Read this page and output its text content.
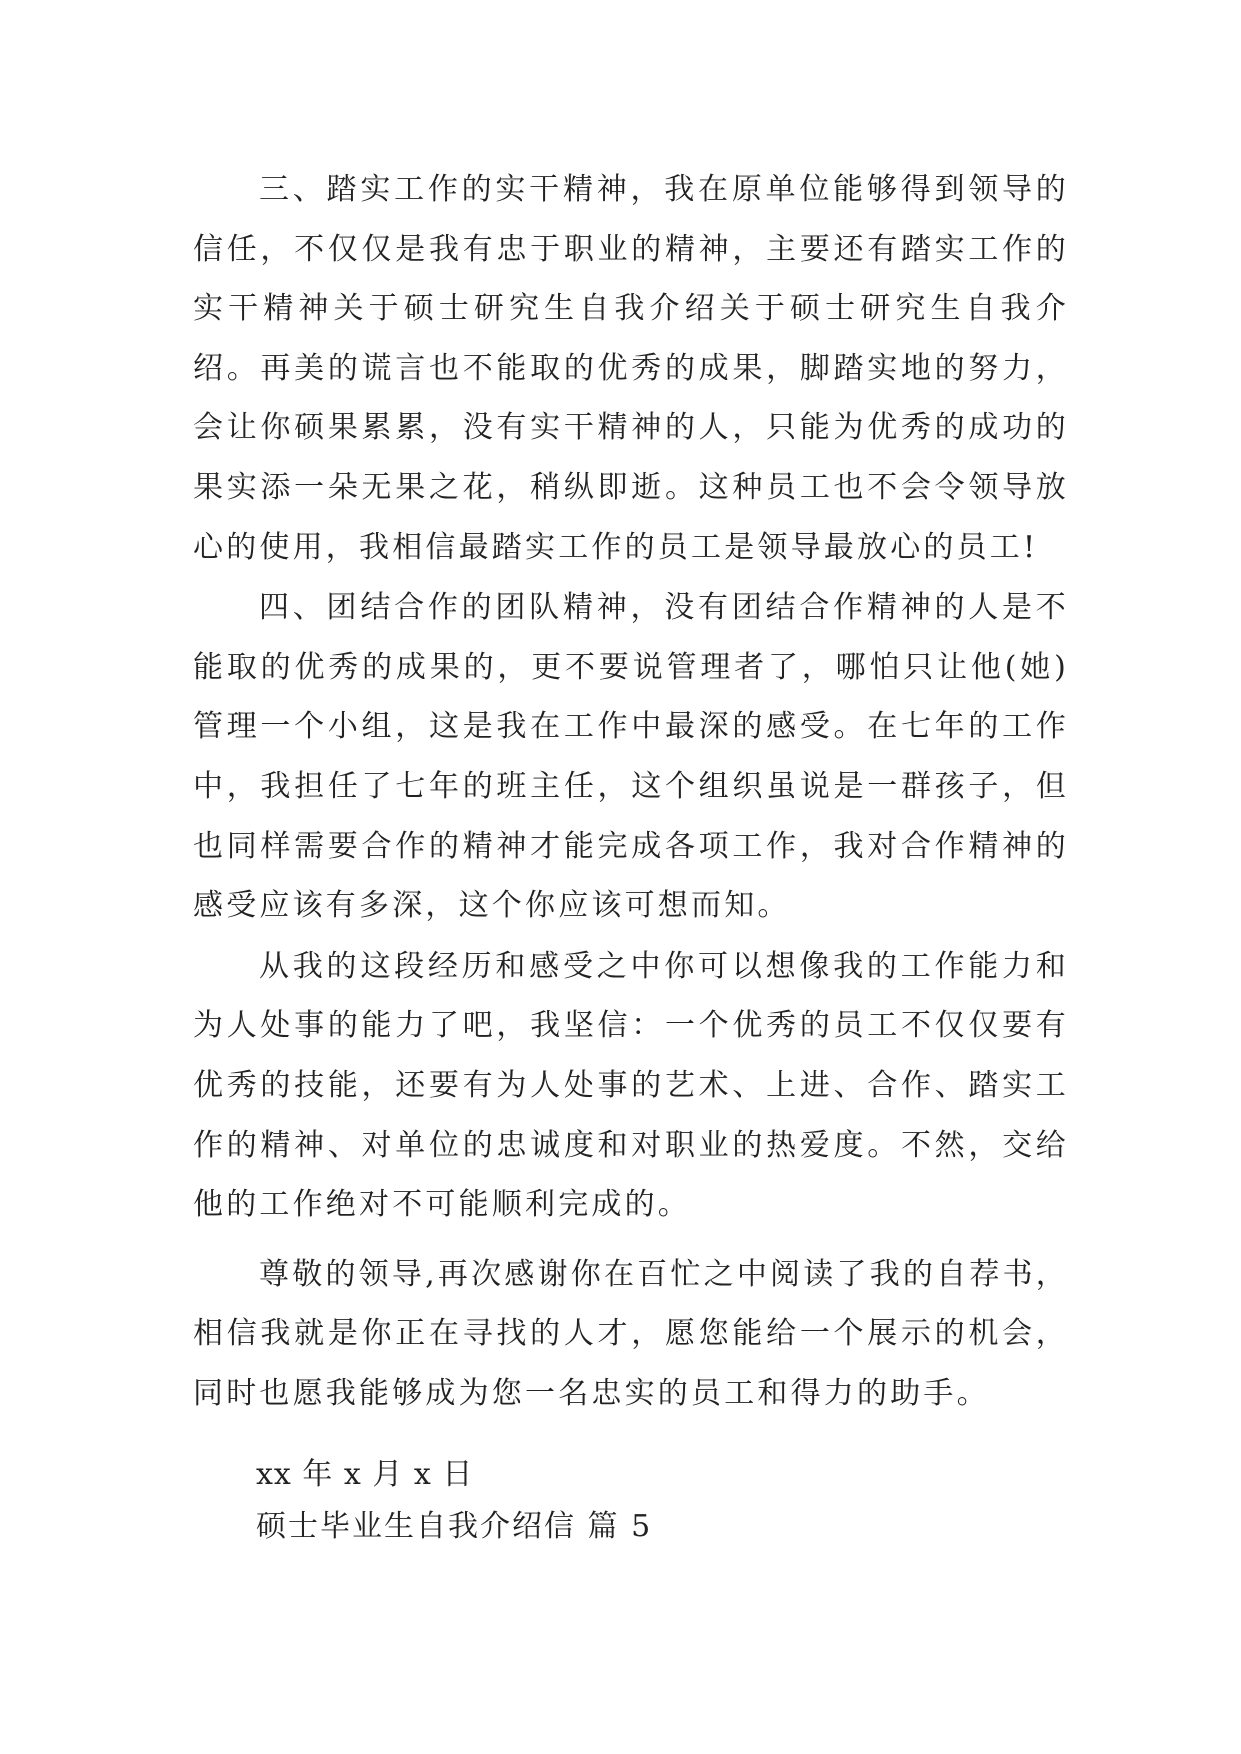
三、踏实工作的实干精神，我在原单位能够得到领导的信任，不仅仅是我有忠于职业的精神，主要还有踏实工作的实干精神关于硕士研究生自我介绍关于硕士研究生自我介绍。再美的谎言也不能取的优秀的成果，脚踏实地的努力，会让你硕果累累，没有实干精神的人，只能为优秀的成功的果实添一朵无果之花，稍纵即逝。这种员工也不会令领导放心的使用，我相信最踏实工作的员工是领导最放心的员工!

四、团结合作的团队精神，没有团结合作精神的人是不能取的优秀的成果的，更不要说管理者了，哪怕只让他(她)管理一个小组，这是我在工作中最深的感受。在七年的工作中，我担任了七年的班主任，这个组织虽说是一群孩子，但也同样需要合作的精神才能完成各项工作，我对合作精神的感受应该有多深，这个你应该可想而知。

从我的这段经历和感受之中你可以想像我的工作能力和为人处事的能力了吧，我坚信：一个优秀的员工不仅仅要有优秀的技能，还要有为人处事的艺术、上进、合作、踏实工作的精神、对单位的忠诚度和对职业的热爱度。不然，交给他的工作绝对不可能顺利完成的。

尊敬的领导,再次感谢你在百忙之中阅读了我的自荐书，相信我就是你正在寻找的人才，愿您能给一个展示的机会，同时也愿我能够成为您一名忠实的员工和得力的助手。

xx 年 x 月 x 日
硕士毕业生自我介绍信 篇 5
